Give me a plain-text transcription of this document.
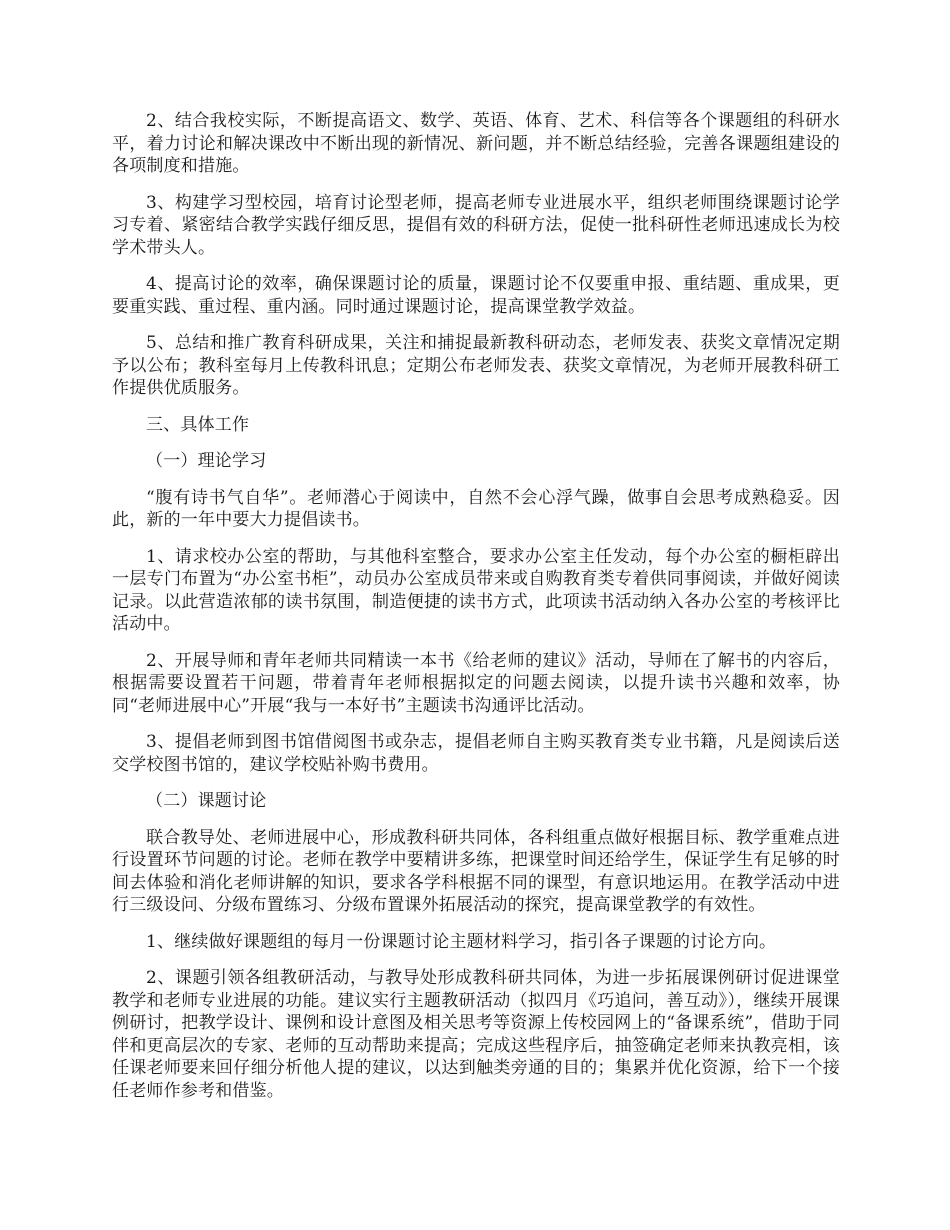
2、结合我校实际，不断提高语文、数学、英语、体育、艺术、科信等各个课题组的科研水平，着力讨论和解决课改中不断出现的新情况、新问题，并不断总结经验，完善各课题组建设的各项制度和措施。

3、构建学习型校园，培育讨论型老师，提高老师专业进展水平，组织老师围绕课题讨论学习专着、紧密结合教学实践仔细反思，提倡有效的科研方法，促使一批科研性老师迅速成长为校学术带头人。

4、提高讨论的效率，确保课题讨论的质量，课题讨论不仅要重申报、重结题、重成果，更要重实践、重过程、重内涵。同时通过课题讨论，提高课堂教学效益。

5、总结和推广教育科研成果，关注和捕捉最新教科研动态，老师发表、获奖文章情况定期予以公布；教科室每月上传教科讯息；定期公布老师发表、获奖文章情况，为老师开展教科研工作提供优质服务。

三、具体工作

（一）理论学习

“腹有诗书气自华”。老师潜心于阅读中，自然不会心浮气躁，做事自会思考成熟稳妥。因此，新的一年中要大力提倡读书。

1、请求校办公室的帮助，与其他科室整合，要求办公室主任发动，每个办公室的橱柜辟出一层专门布置为“办公室书柜”，动员办公室成员带来或自购教育类专着供同事阅读，并做好阅读记录。以此营造浓郁的读书氛围，制造便捷的读书方式，此项读书活动纳入各办公室的考核评比活动中。

2、开展导师和青年老师共同精读一本书《给老师的建议》活动，导师在了解书的内容后，根据需要设置若干问题，带着青年老师根据拟定的问题去阅读，以提升读书兴趣和效率，协同“老师进展中心”开展“我与一本好书”主题读书沟通评比活动。

3、提倡老师到图书馆借阅图书或杂志，提倡老师自主购买教育类专业书籍，凡是阅读后送交学校图书馆的，建议学校贴补购书费用。

（二）课题讨论

联合教导处、老师进展中心，形成教科研共同体，各科组重点做好根据目标、教学重难点进行设置环节问题的讨论。老师在教学中要精讲多练，把课堂时间还给学生，保证学生有足够的时间去体验和消化老师讲解的知识，要求各学科根据不同的课型，有意识地运用。在教学活动中进行三级设问、分级布置练习、分级布置课外拓展活动的探究，提高课堂教学的有效性。

1、继续做好课题组的每月一份课题讨论主题材料学习，指引各子课题的讨论方向。

2、课题引领各组教研活动，与教导处形成教科研共同体，为进一步拓展课例研讨促进课堂教学和老师专业进展的功能。建议实行主题教研活动（拟四月《巧追问，善互动》），继续开展课例研讨，把教学设计、课例和设计意图及相关思考等资源上传校园网上的“备课系统”，借助于同伴和更高层次的专家、老师的互动帮助来提高；完成这些程序后，抽签确定老师来执教亮相，该任课老师要来回仔细分析他人提的建议，以达到触类旁通的目的；集累并优化资源，给下一个接任老师作参考和借鉴。
